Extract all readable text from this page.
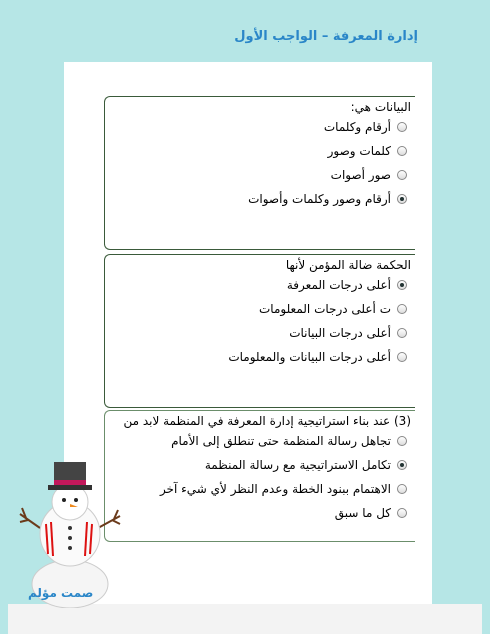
إدارة المعرفة – الواجب الأول
البيانات هي:
أرقام وكلمات
كلمات وصور
صور أصوات
أرقام وصور وكلمات وأصوات
الحكمة ضالة المؤمن لأنها
أعلى درجات المعرفة
ت أعلى درجات المعلومات
أعلى درجات البيانات
أعلى درجات البيانات والمعلومات
(3) عند بناء استراتيجية إدارة المعرفة في المنظمة لابد من
تجاهل رسالة المنظمة حتى تنطلق إلى الأمام
تكامل الاستراتيجية مع رسالة المنظمة
الاهتمام ببنود الخطة وعدم النظر لأي شيء آخر
كل ما سبق
صمت مؤلم
